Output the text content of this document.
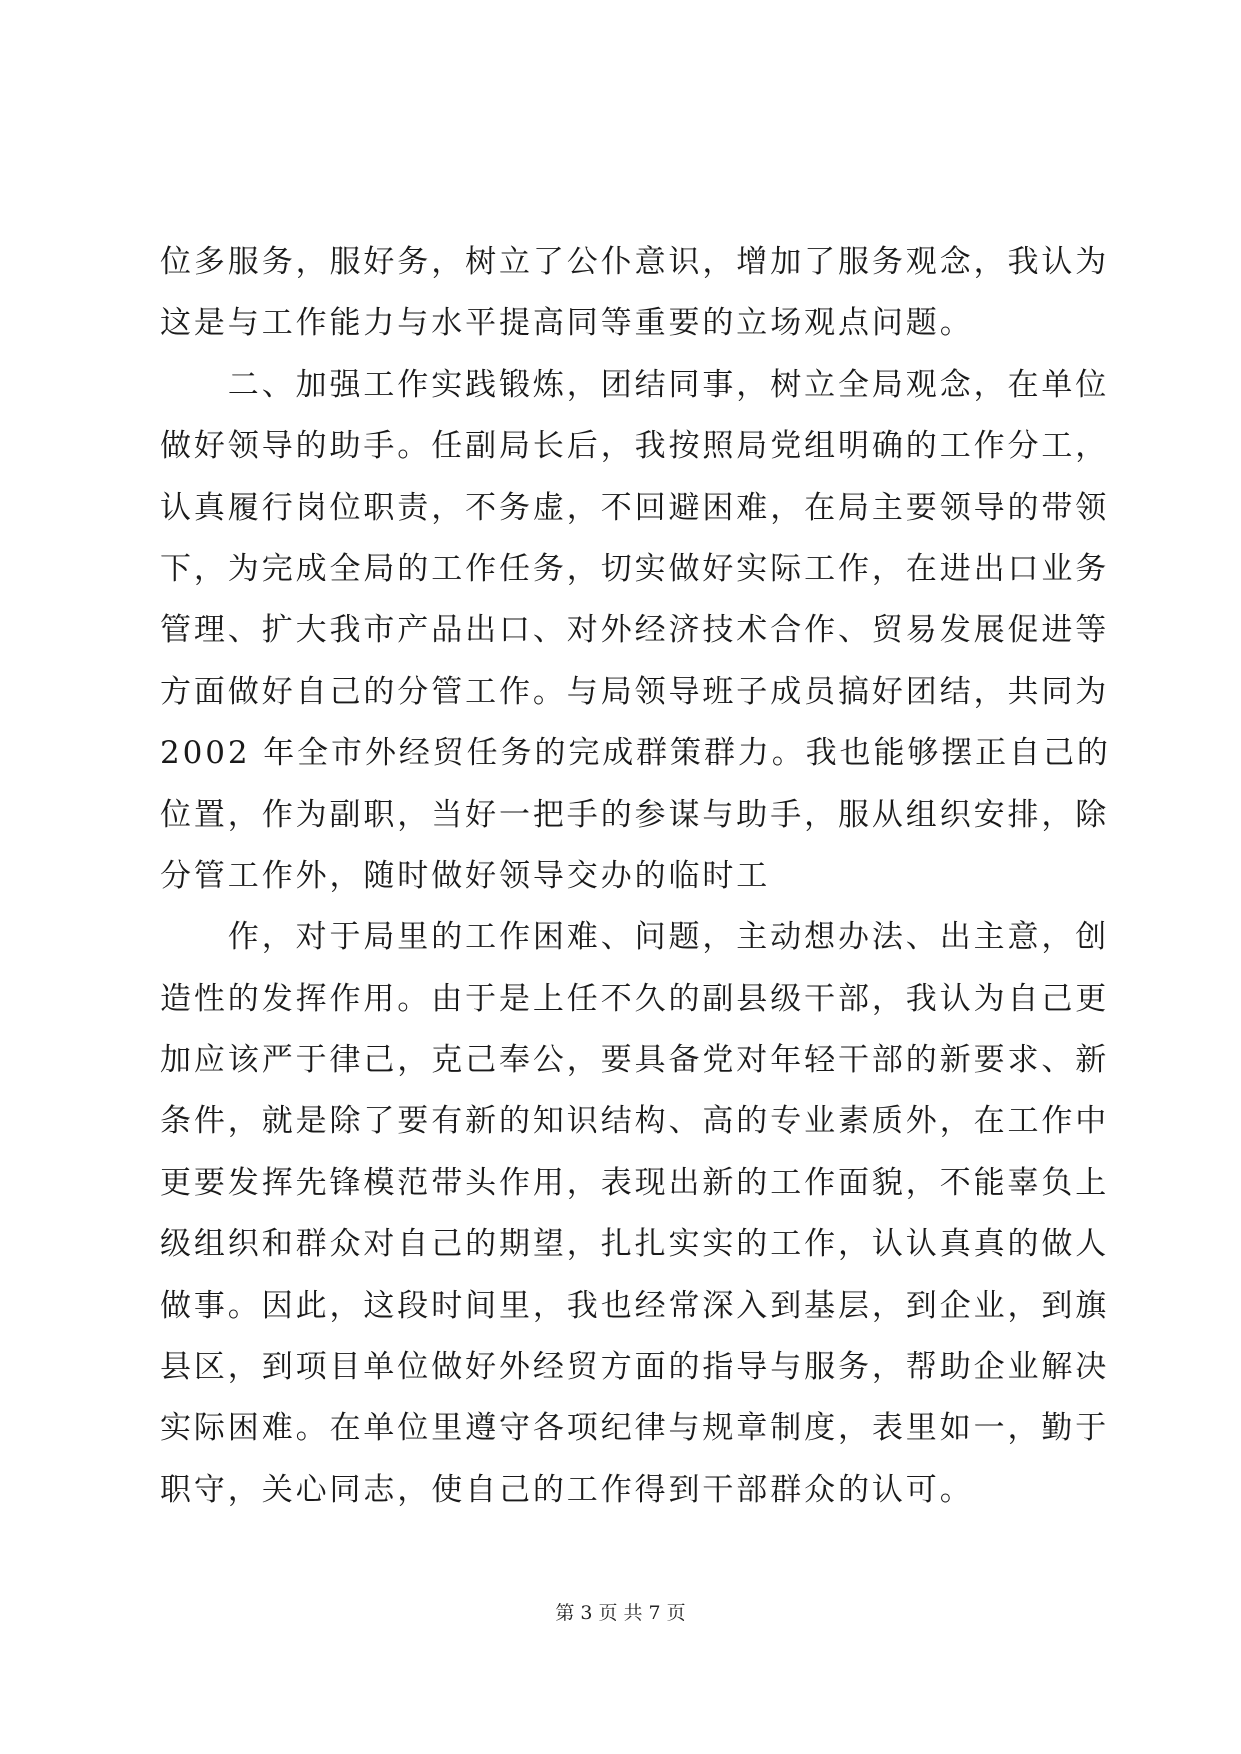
位多服务，服好务，树立了公仆意识，增加了服务观念，我认为
这是与工作能力与水平提高同等重要的立场观点问题。
　　二、加强工作实践锻炼，团结同事，树立全局观念，在单位
做好领导的助手。任副局长后，我按照局党组明确的工作分工，
认真履行岗位职责，不务虚，不回避困难，在局主要领导的带领
下，为完成全局的工作任务，切实做好实际工作，在进出口业务
管理、扩大我市产品出口、对外经济技术合作、贸易发展促进等
方面做好自己的分管工作。与局领导班子成员搞好团结，共同为
2002 年全市外经贸任务的完成群策群力。我也能够摆正自己的
位置，作为副职，当好一把手的参谋与助手，服从组织安排，除
分管工作外，随时做好领导交办的临时工
　　作，对于局里的工作困难、问题，主动想办法、出主意，创
造性的发挥作用。由于是上任不久的副县级干部，我认为自己更
加应该严于律己，克己奉公，要具备党对年轻干部的新要求、新
条件，就是除了要有新的知识结构、高的专业素质外，在工作中
更要发挥先锋模范带头作用，表现出新的工作面貌，不能辜负上
级组织和群众对自己的期望，扎扎实实的工作，认认真真的做人
做事。因此，这段时间里，我也经常深入到基层，到企业，到旗
县区，到项目单位做好外经贸方面的指导与服务，帮助企业解决
实际困难。在单位里遵守各项纪律与规章制度，表里如一，勤于
职守，关心同志，使自己的工作得到干部群众的认可。
第 3 页 共 7 页
